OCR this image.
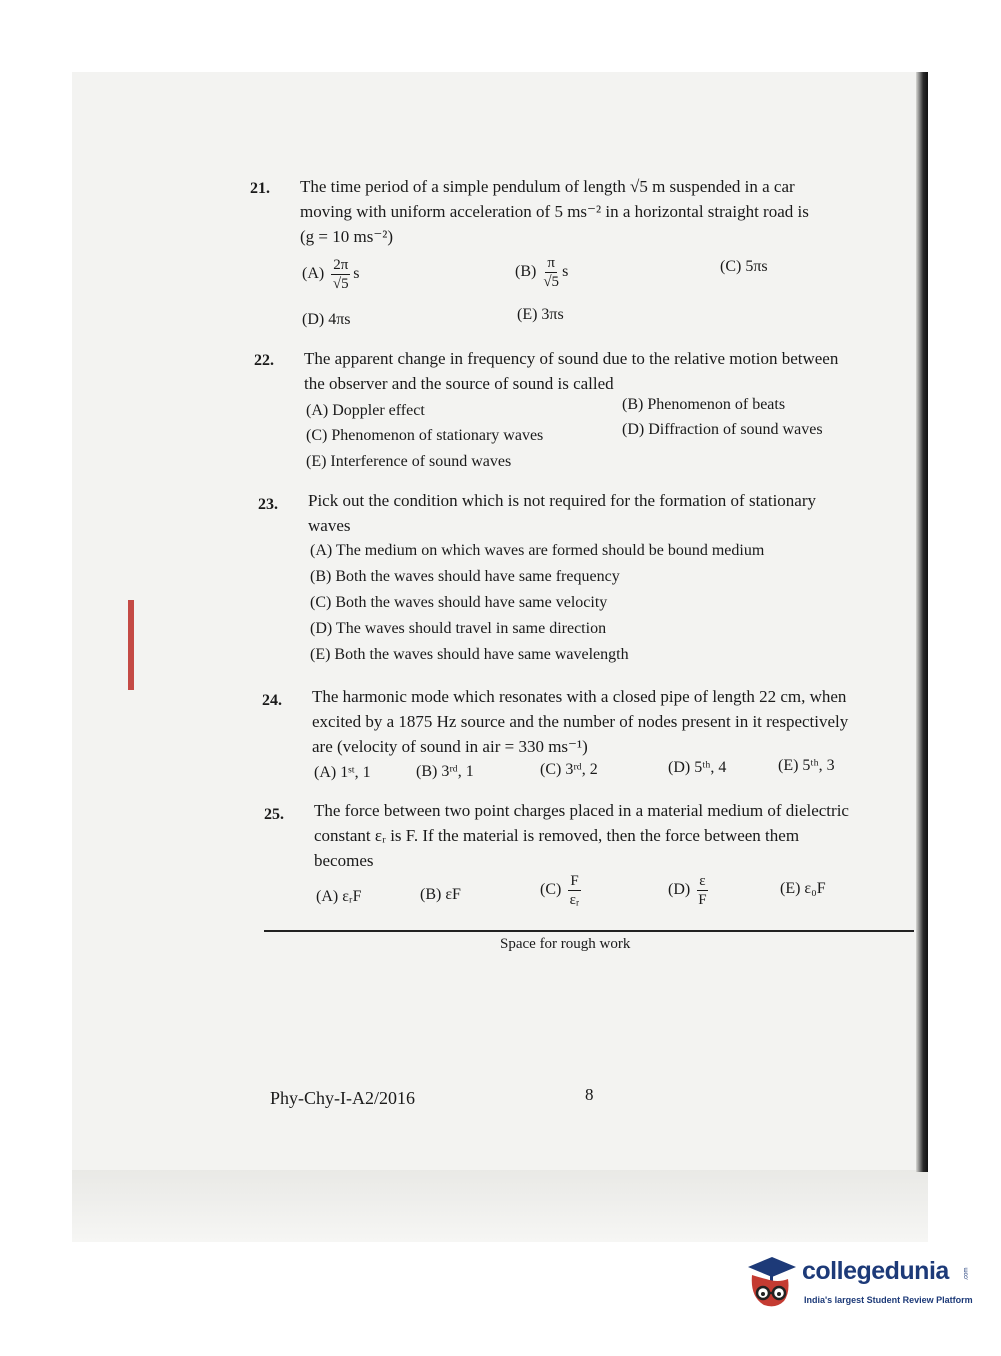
21. The time period of a simple pendulum of length √5 m suspended in a car
moving with uniform acceleration of 5 ms⁻² in a horizontal straight road is
(g = 10 ms⁻²)
$(A) \frac{2\pi}{√5}$ s	$(B) \frac{\pi}{√5}$ s	(C) 5πs
(D) 4πs	(E) 3πs
22. The apparent change in frequency of sound due to the relative motion between
the observer and the source of sound is called
(A) Doppler effect	(B) Phenomenon of beats
(C) Phenomenon of stationary waves	(D) Diffraction of sound waves
(E) Interference of sound waves
23. Pick out the condition which is not required for the formation of stationary
waves
(A) The medium on which waves are formed should be bound medium
(B) Both the waves should have same frequency
(C) Both the waves should have same velocity
(D) The waves should travel in same direction
(E) Both the waves should have same wavelength
24. The harmonic mode which resonates with a closed pipe of length 22 cm, when
excited by a 1875 Hz source and the number of nodes present in it respectively
are (velocity of sound in air = 330 ms⁻¹)
(A) 1ˢᵗ, 1	(B) 3ʳᵈ, 1	(C) 3ʳᵈ, 2	(D) 5ᵗʰ, 4	(E) 5ᵗʰ, 3
25. The force between two point charges placed in a material medium of dielectric
constant εᵣ is F. If the material is removed, then the force between them
becomes
(A) εᵣF	(B) εF	$(C) \frac{F}{\text{εᵣ}}$	$(D) \frac{\varepsilon}{F}$	(E) ε₀F
Space for rough work
Phy-Chy-I-A2/2016	8
collegedunia .com
India's largest Student Review Platform
